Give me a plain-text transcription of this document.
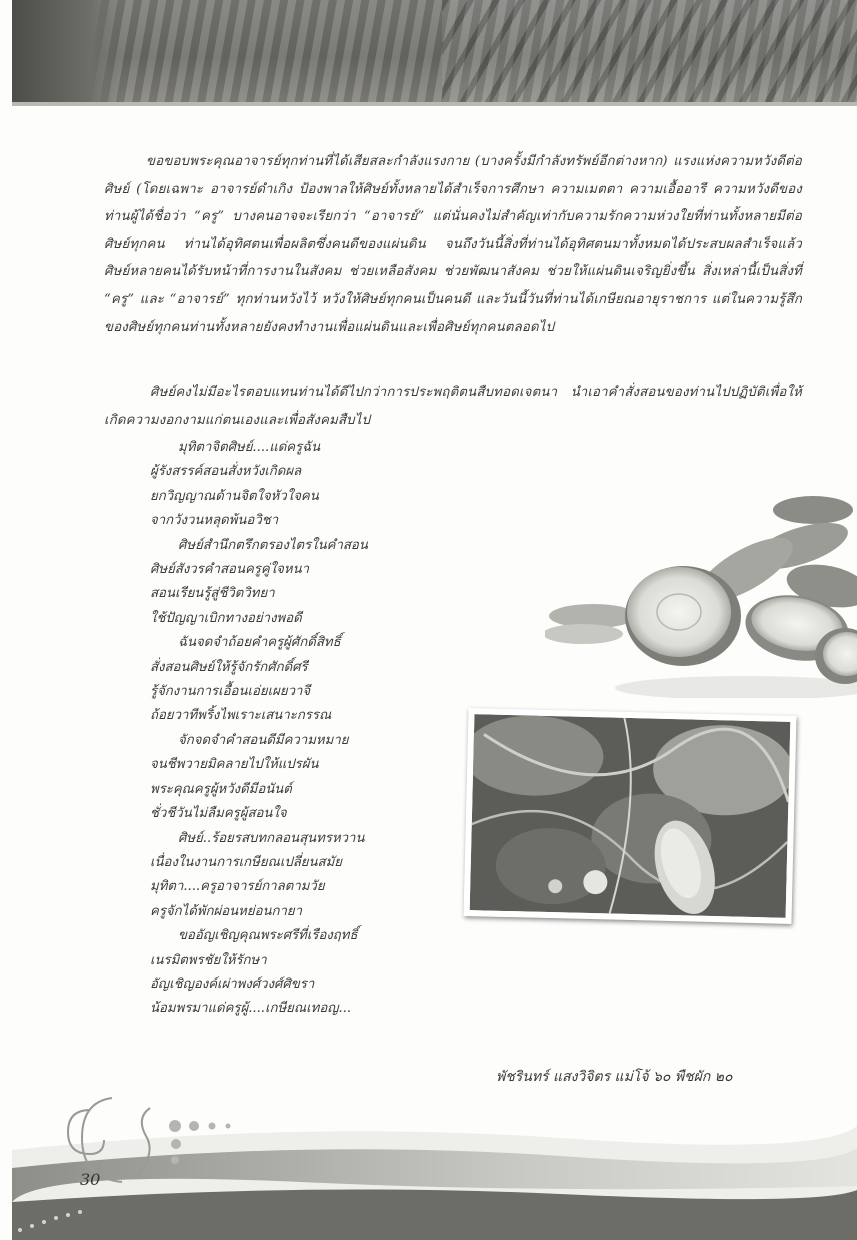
ขอขอบพระคุณอาจารย์ทุกท่านที่ได้เสียสละกำลังแรงกาย (บางครั้งมีกำลังทรัพย์อีกต่างหาก) แรงแห่งความหวังดีต่อศิษย์ (โดยเฉพาะ อาจารย์ดำเกิง ป้องพาลให้ศิษย์ทั้งหลายได้สำเร็จการศึกษา ความเมตตา ความเอื้ออารี ความหวังดีของท่านผู้ได้ชื่อว่า “ครู” บางคนอาจจะเรียกว่า “อาจารย์” แต่นั่นคงไม่สำคัญเท่ากับความรักความห่วงใยที่ท่านทั้งหลายมีต่อศิษย์ทุกคน ท่านได้อุทิศตนเพื่อผลิตซึ่งคนดีของแผ่นดิน จนถึงวันนี้สิ่งที่ท่านได้อุทิศตนมาทั้งหมดได้ประสบผลสำเร็จแล้ว ศิษย์หลายคนได้รับหน้าที่การงานในสังคม ช่วยเหลือสังคม ช่วยพัฒนาสังคม ช่วยให้แผ่นดินเจริญยิ่งขึ้น สิ่งเหล่านี้เป็นสิ่งที่ “ครู” และ “อาจารย์” ทุกท่านหวังไว้ หวังให้ศิษย์ทุกคนเป็นคนดี และวันนี้วันที่ท่านได้เกษียณอายุราชการ แต่ในความรู้สึกของศิษย์ทุกคนท่านทั้งหลายยังคงทำงานเพื่อแผ่นดินและเพื่อศิษย์ทุกคนตลอดไป

ศิษย์คงไม่มีอะไรตอบแทนท่านได้ดีไปกว่าการประพฤติตนสืบทอดเจตนา นำเอาคำสั่งสอนของท่านไปปฏิบัติเพื่อให้เกิดความงอกงามแก่ตนเองและเพื่อสังคมสืบไป

มุทิตาจิตศิษย์....แด่ครูฉัน
ผู้รังสรรค์สอนสั่งหวังเกิดผล
ยกวิญญาณด้านจิตใจหัวใจคน
จากวังวนหลุดพ้นอวิชา
ศิษย์สำนึกตรึกตรองไตรในคำสอน
ศิษย์สังวรคำสอนครูคู่ใจหนา
สอนเรียนรู้สู่ชีวิตวิทยา
ใช้ปัญญาเบิกทางอย่างพอดี
ฉันจดจำถ้อยคำครูผู้ศักดิ์สิทธิ์
สั่งสอนศิษย์ให้รู้จักรักศักดิ์ศรี
รู้จักงานการเอื้อนเอ่ยเผยวาจี
ถ้อยวาทีพริ้งไพเราะเสนาะกรรณ
จักจดจำคำสอนดีมีความหมาย
จนชีพวายมิคลายไปให้แปรผัน
พระคุณครูผู้หวังดีมีอนันต์
ชั่วชีวันไม่ลืมครูผู้สอนใจ
ศิษย์..ร้อยรสบทกลอนสุนทรหวาน
เนื่องในงานการเกษียณเปลี่ยนสมัย
มุทิตา....ครูอาจารย์กาลตามวัย
ครูจักได้พักผ่อนหย่อนกายา
ขออัญเชิญคุณพระศรีที่เรืองฤทธิ์
เนรมิตพรชัยให้รักษา
อัญเชิญองค์เผ่าพงศ์วงศ์ศิขรา
น้อมพรมาแด่ครูผู้....เกษียณเทอญ...

พัชรินทร์ แสงวิจิตร แม่โจ้ ๖๐ พืชผัก ๒๐

30
